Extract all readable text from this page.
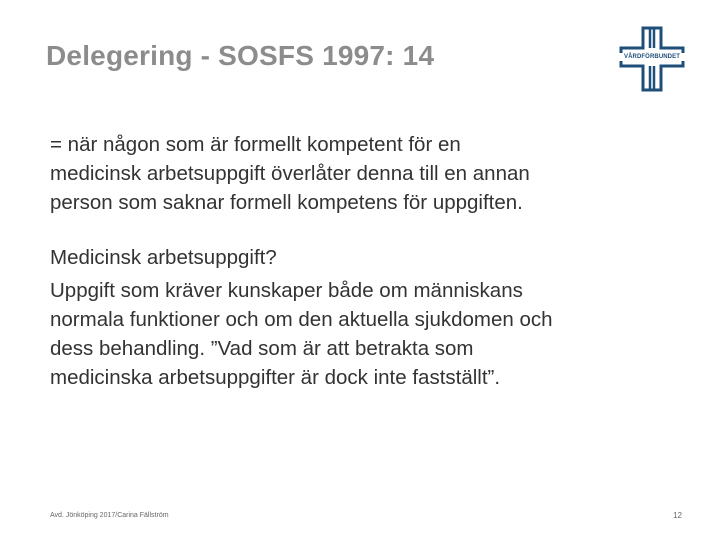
Delegering - SOSFS 1997: 14	VÅRDFÖRBUNDET

= när någon som är formellt kompetent för en
medicinsk arbetsuppgift överlåter denna till en annan
person som saknar formell kompetens för uppgiften.

Medicinsk arbetsuppgift?
Uppgift som kräver kunskaper både om människans
normala funktioner och om den aktuella sjukdomen och
dess behandling. ”Vad som är att betrakta som
medicinska arbetsuppgifter är dock inte fastställt”.
Avd. Jönköping 2017/Carina Fällström	12
